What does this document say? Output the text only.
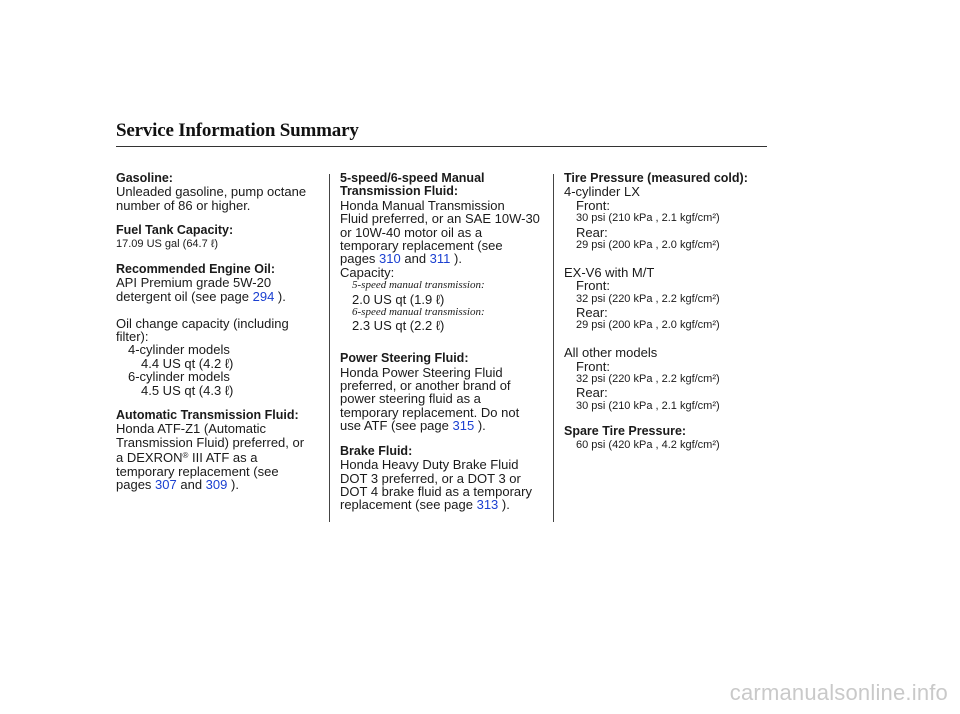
Service Information Summary
Gasoline:
Unleaded gasoline, pump octane
number of 86 or higher.
Fuel Tank Capacity:
17.09 US gal (64.7 ℓ)
Recommended Engine Oil:
API Premium grade 5W-20
detergent oil (see page 294 ).
Oil change capacity (including
filter):
4-cylinder models
4.4 US qt (4.2 ℓ)
6-cylinder models
4.5 US qt (4.3 ℓ)
Automatic Transmission Fluid:
Honda ATF-Z1 (Automatic
Transmission Fluid) preferred, or
a DEXRON® III ATF as a
temporary replacement (see
pages 307 and 309 ).
5-speed/6-speed Manual
Transmission Fluid:
Honda Manual Transmission
Fluid preferred, or an SAE 10W-30
or 10W-40 motor oil as a
temporary replacement (see
pages 310 and 311 ).
Capacity:
5-speed manual transmission:
2.0 US qt (1.9 ℓ)
6-speed manual transmission:
2.3 US qt (2.2 ℓ)
Power Steering Fluid:
Honda Power Steering Fluid
preferred, or another brand of
power steering fluid as a
temporary replacement. Do not
use ATF (see page 315 ).
Brake Fluid:
Honda Heavy Duty Brake Fluid
DOT 3 preferred, or a DOT 3 or
DOT 4 brake fluid as a temporary
replacement (see page 313 ).
Tire Pressure (measured cold):
4-cylinder LX
Front:
30 psi (210 kPa , 2.1 kgf/cm²)
Rear:
29 psi (200 kPa , 2.0 kgf/cm²)
EX-V6 with M/T
Front:
32 psi (220 kPa , 2.2 kgf/cm²)
Rear:
29 psi (200 kPa , 2.0 kgf/cm²)
All other models
Front:
32 psi (220 kPa , 2.2 kgf/cm²)
Rear:
30 psi (210 kPa , 2.1 kgf/cm²)
Spare Tire Pressure:
60 psi (420 kPa , 4.2 kgf/cm²)
carmanualsonline.info
